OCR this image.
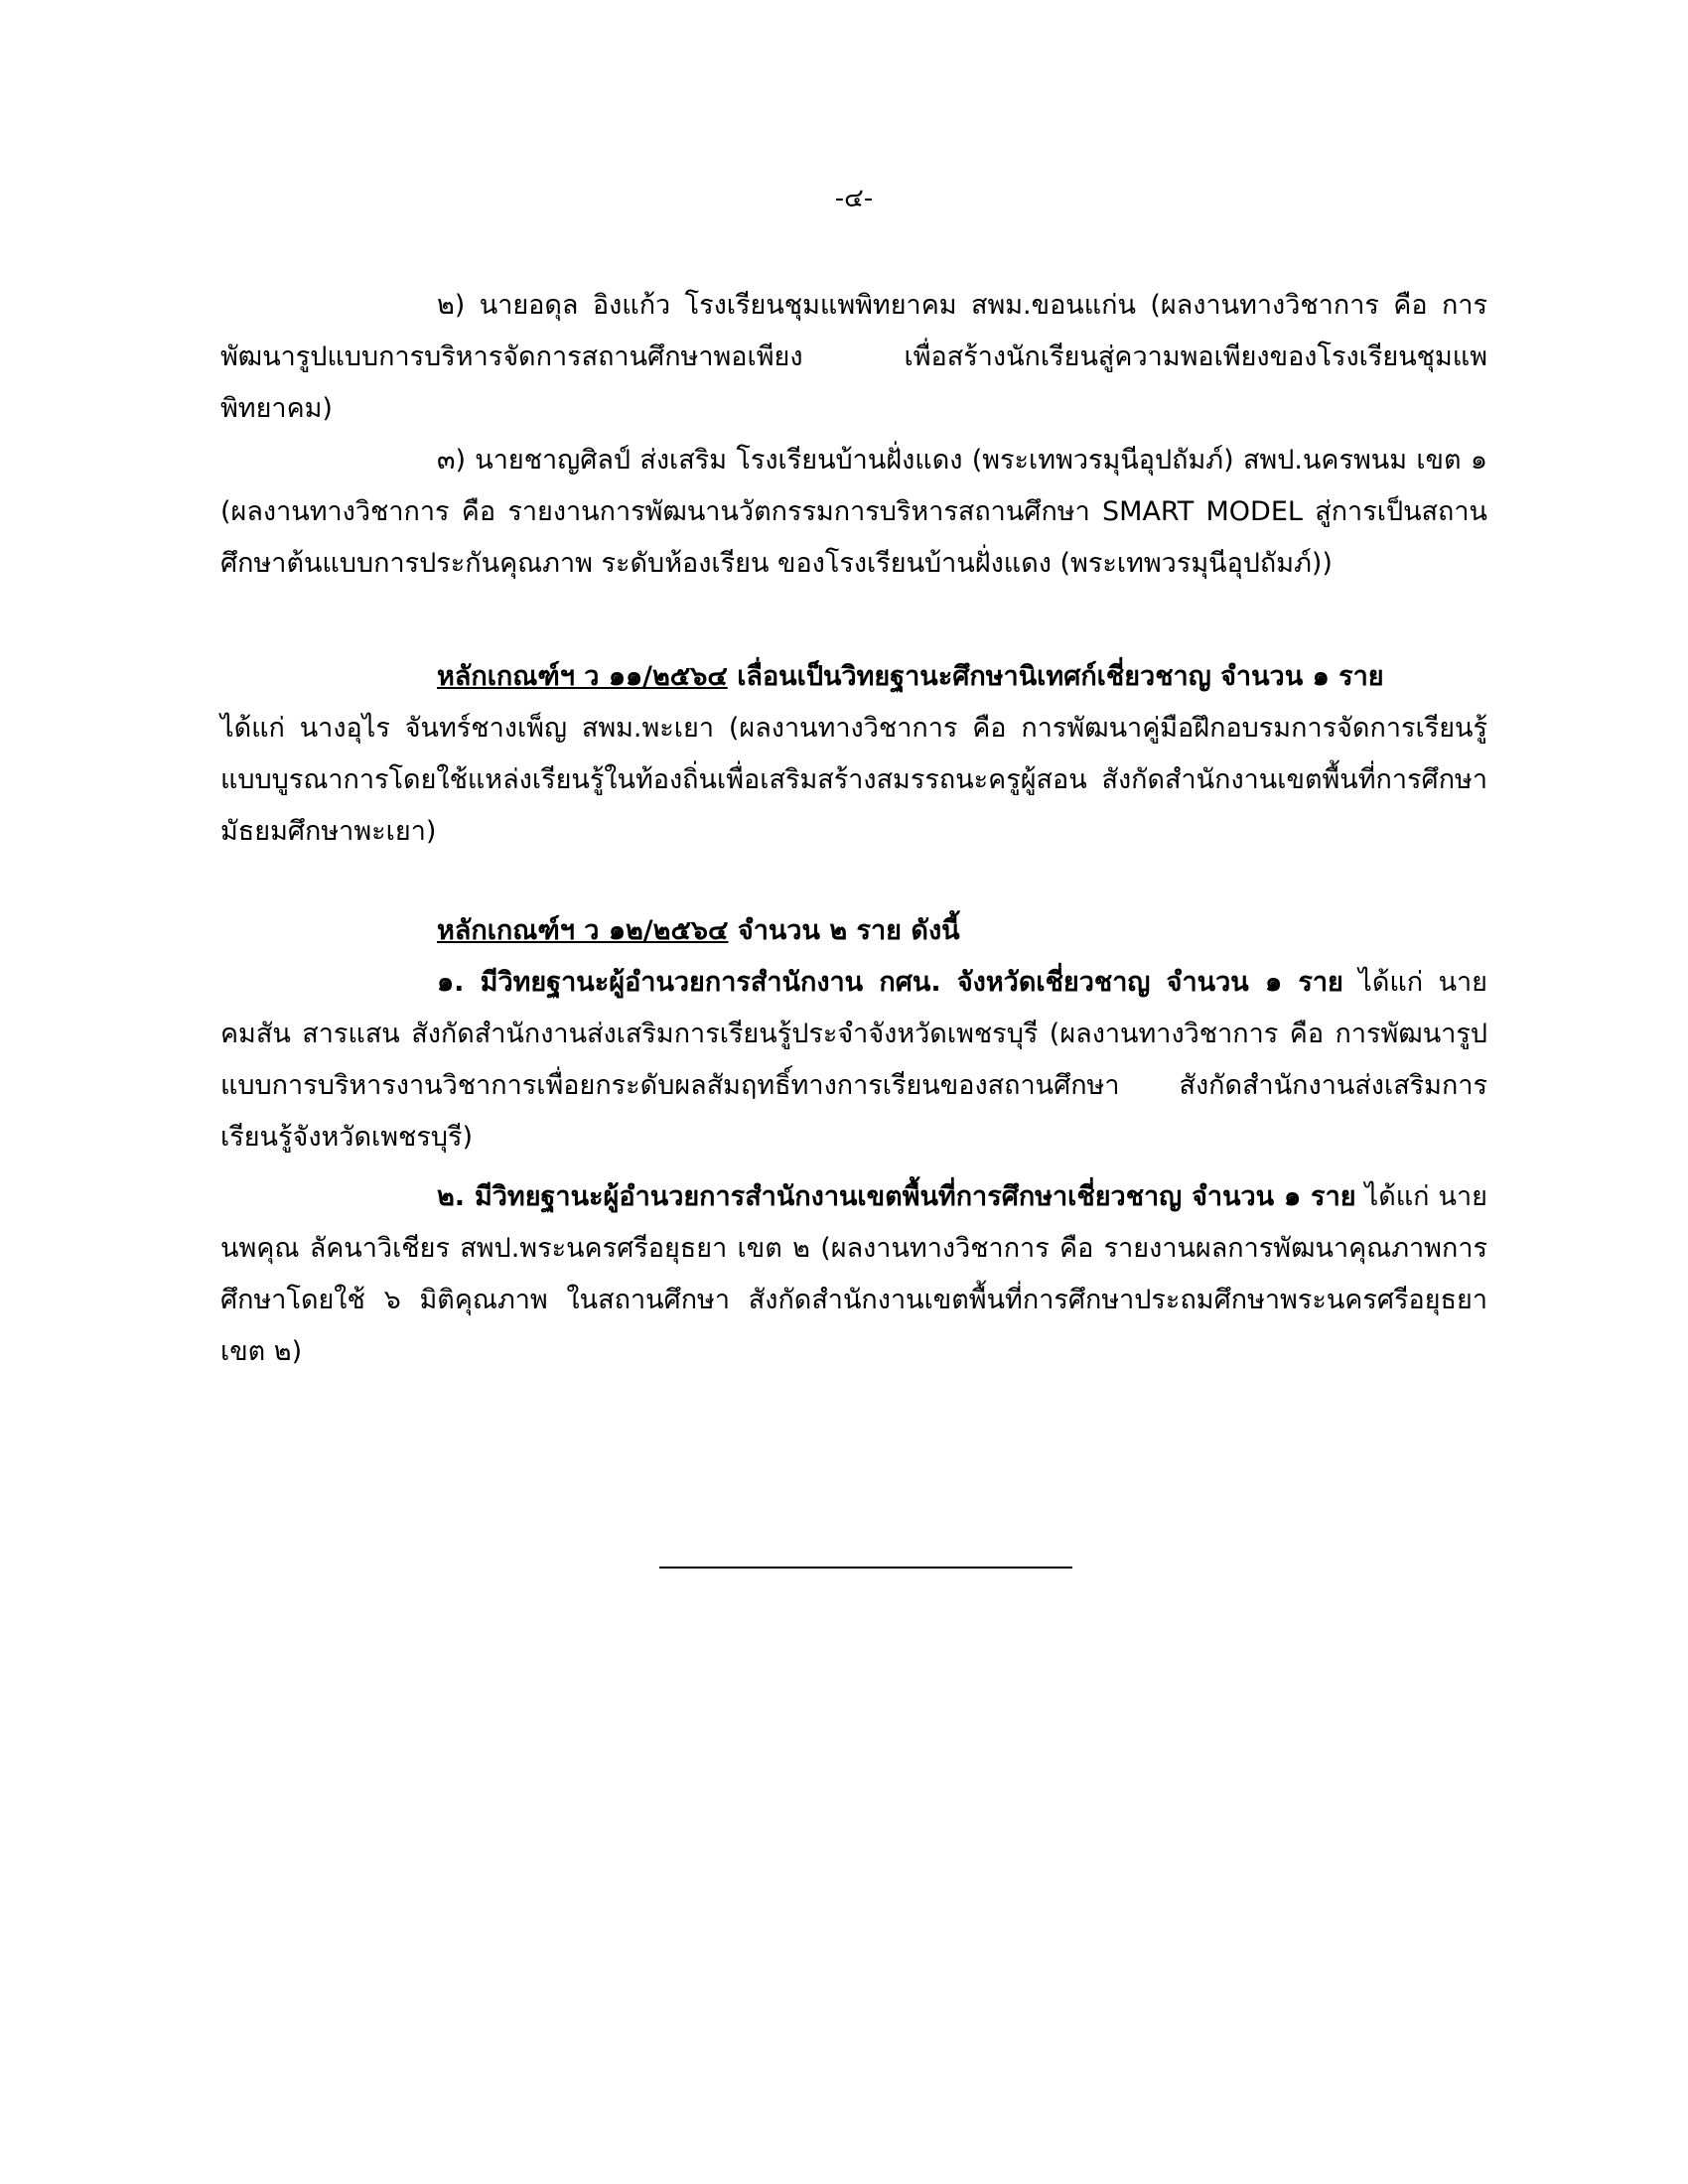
-๔-

๒) นายอดุล อิงแก้ว โรงเรียนชุมแพพิทยาคม สพม.ขอนแก่น (ผลงานทางวิชาการ คือ การพัฒนารูปแบบการบริหารจัดการสถานศึกษาพอเพียง เพื่อสร้างนักเรียนสู่ความพอเพียงของโรงเรียนชุมแพพิทยาคม)

๓) นายชาญศิลป์ ส่งเสริม โรงเรียนบ้านฝั่งแดง (พระเทพวรมุนีอุปถัมภ์) สพป.นครพนม เขต ๑ (ผลงานทางวิชาการ คือ รายงานการพัฒนานวัตกรรมการบริหารสถานศึกษา SMART MODEL สู่การเป็นสถานศึกษาต้นแบบการประกันคุณภาพ ระดับห้องเรียน ของโรงเรียนบ้านฝั่งแดง (พระเทพวรมุนีอุปถัมภ์))

หลักเกณฑ์ฯ ว ๑๑/๒๕๖๔ เลื่อนเป็นวิทยฐานะศึกษานิเทศก์เชี่ยวชาญ จำนวน ๑ ราย
ได้แก่ นางอุไร จันทร์ชางเพ็ญ สพม.พะเยา (ผลงานทางวิชาการ คือ การพัฒนาคู่มือฝึกอบรมการจัดการเรียนรู้แบบบูรณาการโดยใช้แหล่งเรียนรู้ในท้องถิ่นเพื่อเสริมสร้างสมรรถนะครูผู้สอน สังกัดสำนักงานเขตพื้นที่การศึกษามัธยมศึกษาพะเยา)

หลักเกณฑ์ฯ ว ๑๒/๒๕๖๔ จำนวน ๒ ราย ดังนี้

๑. มีวิทยฐานะผู้อำนวยการสำนักงาน กศน. จังหวัดเชี่ยวชาญ จำนวน ๑ ราย ได้แก่ นายคมสัน สารแสน สังกัดสำนักงานส่งเสริมการเรียนรู้ประจำจังหวัดเพชรบุรี (ผลงานทางวิชาการ คือ การพัฒนารูปแบบการบริหารงานวิชาการเพื่อยกระดับผลสัมฤทธิ์ทางการเรียนของสถานศึกษา สังกัดสำนักงานส่งเสริมการเรียนรู้จังหวัดเพชรบุรี)

๒. มีวิทยฐานะผู้อำนวยการสำนักงานเขตพื้นที่การศึกษาเชี่ยวชาญ จำนวน ๑ ราย ได้แก่ นายนพคุณ ลัคนาวิเชียร สพป.พระนครศรีอยุธยา เขต ๒ (ผลงานทางวิชาการ คือ รายงานผลการพัฒนาคุณภาพการศึกษาโดยใช้ ๖ มิติคุณภาพ ในสถานศึกษา สังกัดสำนักงานเขตพื้นที่การศึกษาประถมศึกษาพระนครศรีอยุธยา เขต ๒)
